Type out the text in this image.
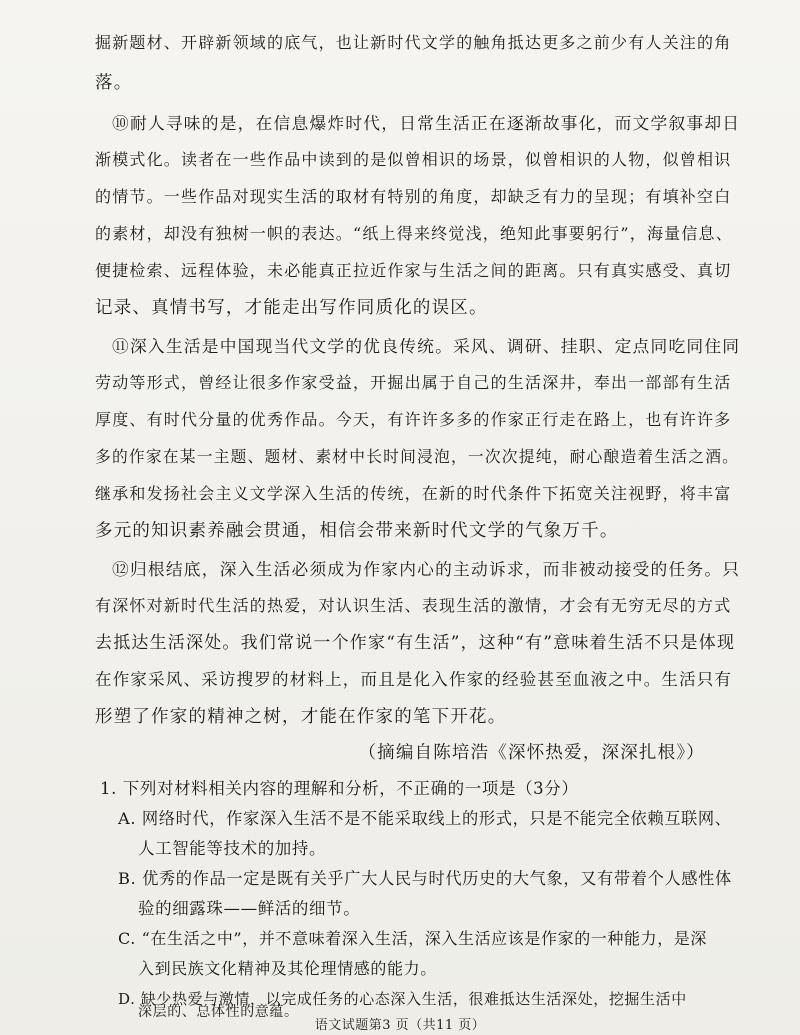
掘新题材、开辟新领域的底气，也让新时代文学的触角抵达更多之前少有人关注的角
落。
⑩耐人寻味的是，在信息爆炸时代，日常生活正在逐渐故事化，而文学叙事却日
渐模式化。读者在一些作品中读到的是似曾相识的场景，似曾相识的人物，似曾相识
的情节。一些作品对现实生活的取材有特别的角度，却缺乏有力的呈现；有填补空白
的素材，却没有独树一帜的表达。“纸上得来终觉浅，绝知此事要躬行”，海量信息、
便捷检索、远程体验，未必能真正拉近作家与生活之间的距离。只有真实感受、真切
记录、真情书写，才能走出写作同质化的误区。
⑪深入生活是中国现当代文学的优良传统。采风、调研、挂职、定点同吃同住同
劳动等形式，曾经让很多作家受益，开掘出属于自己的生活深井，奉出一部部有生活
厚度、有时代分量的优秀作品。今天，有许许多多的作家正行走在路上，也有许许多
多的作家在某一主题、题材、素材中长时间浸泡，一次次提纯，耐心酿造着生活之酒。
继承和发扬社会主义文学深入生活的传统，在新的时代条件下拓宽关注视野，将丰富
多元的知识素养融会贯通，相信会带来新时代文学的气象万千。
⑫归根结底，深入生活必须成为作家内心的主动诉求，而非被动接受的任务。只
有深怀对新时代生活的热爱，对认识生活、表现生活的激情，才会有无穷无尽的方式
去抵达生活深处。我们常说一个作家“有生活”，这种“有”意味着生活不只是体现
在作家采风、采访搜罗的材料上，而且是化入作家的经验甚至血液之中。生活只有
形塑了作家的精神之树，才能在作家的笔下开花。
（摘编自陈培浩《深怀热爱，深深扎根》）
1. 下列对材料相关内容的理解和分析，不正确的一项是（3分）
A. 网络时代，作家深入生活不是不能采取线上的形式，只是不能完全依赖互联网、
人工智能等技术的加持。
B. 优秀的作品一定是既有关乎广大人民与时代历史的大气象，又有带着个人感性体
验的细露珠——鲜活的细节。
C. “在生活之中”，并不意味着深入生活，深入生活应该是作家的一种能力，是深
入到民族文化精神及其伦理情感的能力。
D. 缺少热爱与激情，以完成任务的心态深入生活，很难抵达生活深处，挖掘生活中
深层的、总体性的意蕴。
语文试题第3 页（共11 页）
